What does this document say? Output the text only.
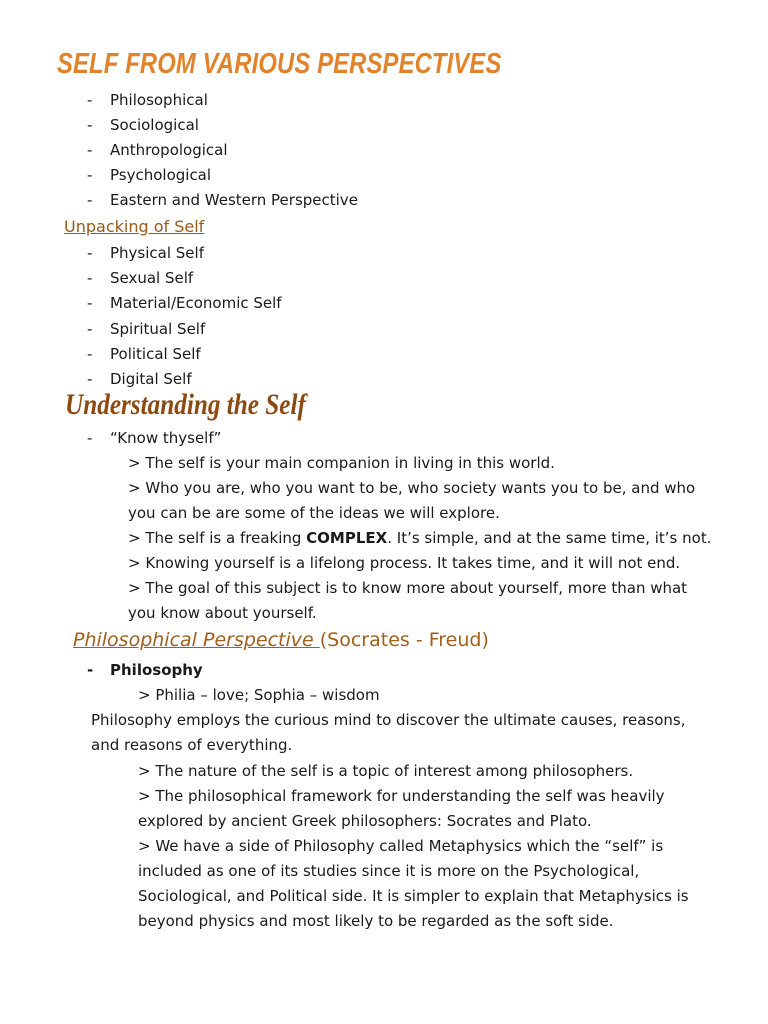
SELF FROM VARIOUS PERSPECTIVES
- Philosophical
- Sociological
- Anthropological
- Psychological
- Eastern and Western Perspective
Unpacking of Self
- Physical Self
- Sexual Self
- Material/Economic Self
- Spiritual Self
- Political Self
- Digital Self
Understanding the Self
- “Know thyself”
> The self is your main companion in living in this world.
> Who you are, who you want to be, who society wants you to be, and who
you can be are some of the ideas we will explore.
> The self is a freaking COMPLEX. It’s simple, and at the same time, it’s not.
> Knowing yourself is a lifelong process. It takes time, and it will not end.
> The goal of this subject is to know more about yourself, more than what
you know about yourself.
Philosophical Perspective (Socrates - Freud)
- Philosophy
> Philia – love; Sophia – wisdom
Philosophy employs the curious mind to discover the ultimate causes, reasons,
and reasons of everything.
> The nature of the self is a topic of interest among philosophers.
> The philosophical framework for understanding the self was heavily
explored by ancient Greek philosophers: Socrates and Plato.
> We have a side of Philosophy called Metaphysics which the “self” is
included as one of its studies since it is more on the Psychological,
Sociological, and Political side. It is simpler to explain that Metaphysics is
beyond physics and most likely to be regarded as the soft side.
